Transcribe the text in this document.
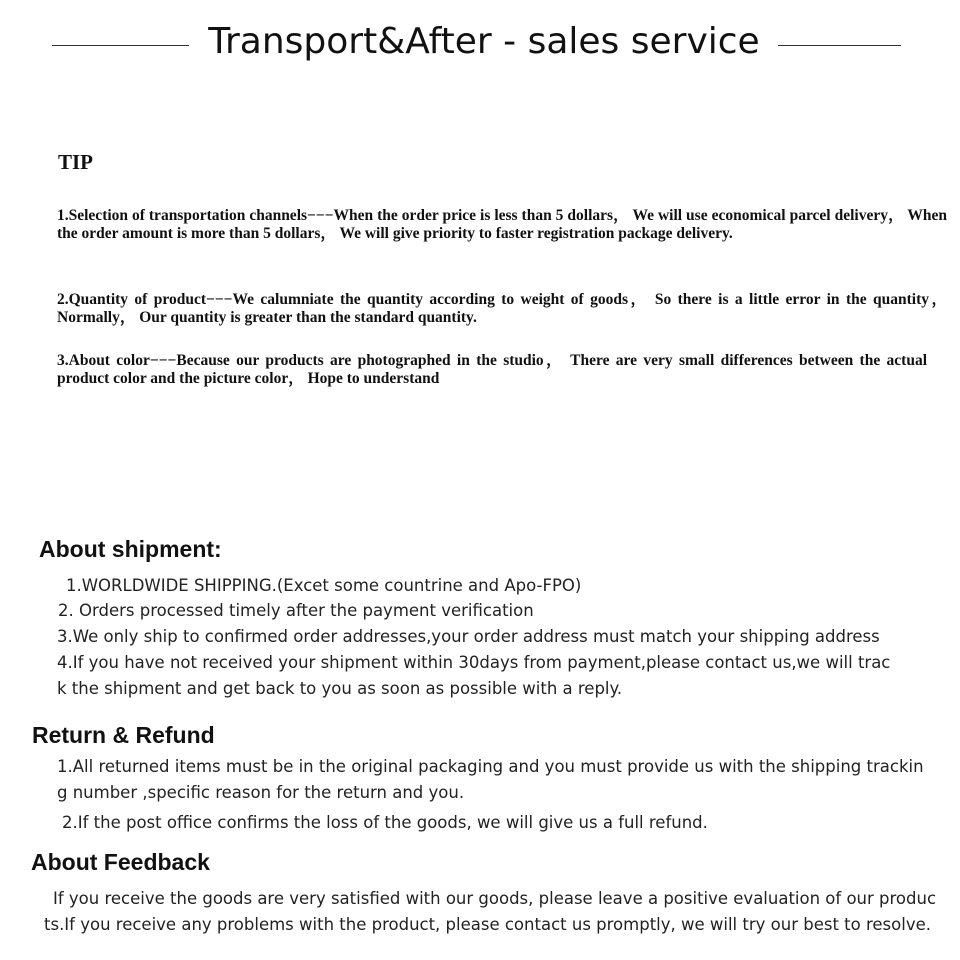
Transport&After - sales service
TIP

1.Selection of transportation channels−−−When the order price is less than 5 dollars， We will use economical parcel delivery， When the order amount is more than 5 dollars， We will give priority to faster registration package delivery.

2.Quantity of product−−−We calumniate the quantity according to weight of goods， So there is a little error in the quantity， Normally， Our quantity is greater than the standard quantity.

3.About color−−−Because our products are photographed in the studio， There are very small differences between the actual product color and the picture color， Hope to understand

About shipment:
1.WORLDWIDE SHIPPING.(Excet some countrine and Apo-FPO)
2. Orders processed timely after the payment verification
3.We only ship to confirmed order addresses,your order address must match your shipping address
4.If you have not received your shipment within 30days from payment,please contact us,we will trac
k the shipment and get back to you as soon as possible with a reply.
Return & Refund
1.All returned items must be in the original packaging and you must provide us with the shipping trackin
g number ,specific reason for the return and you.
2.If the post office confirms the loss of the goods, we will give us a full refund.
About Feedback
If you receive the goods are very satisfied with our goods, please leave a positive evaluation of our produc
ts.If you receive any problems with the product, please contact us promptly, we will try our best to resolve.
